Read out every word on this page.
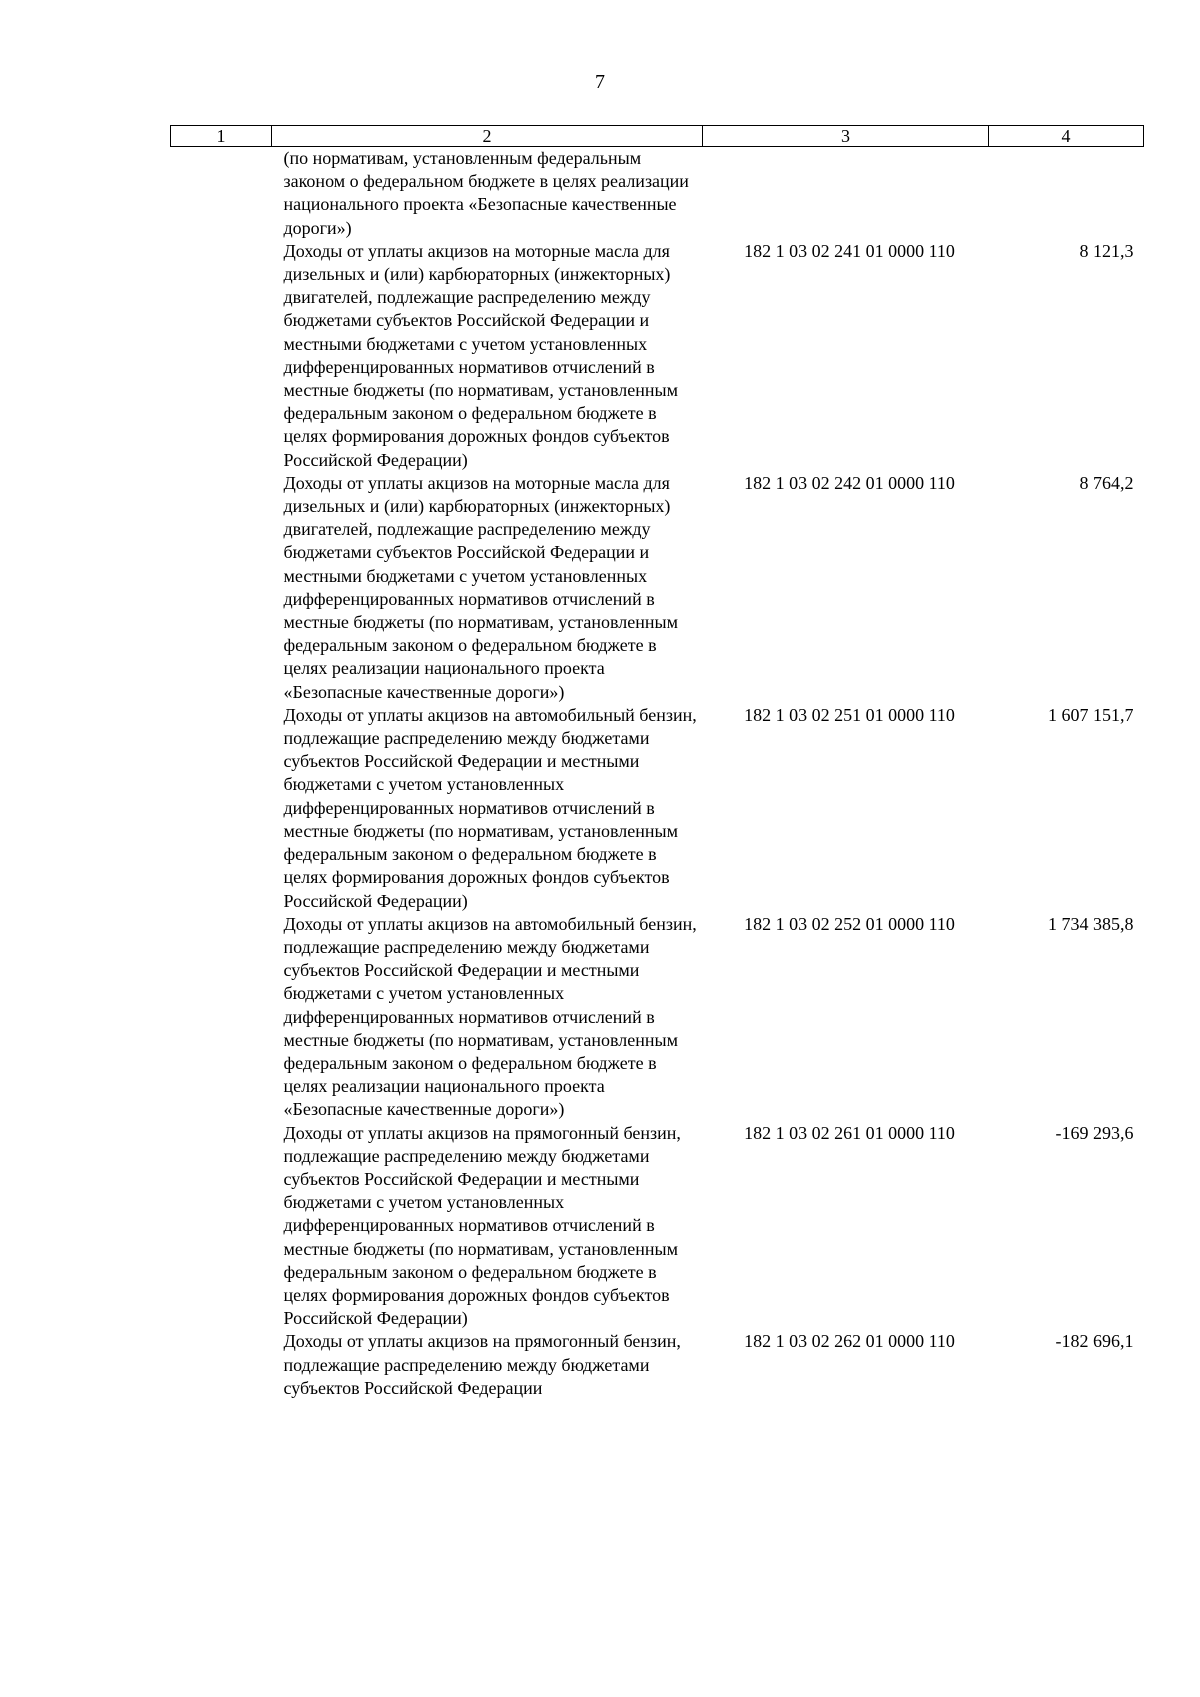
7
1	2	3	4
	(по нормативам, установленным федеральным законом о федеральном бюджете в целях реализации национального проекта «Безопасные качественные дороги»)		
	Доходы от уплаты акцизов на моторные масла для дизельных и (или) карбюраторных (инжекторных) двигателей, подлежащие распределению между бюджетами субъектов Российской Федерации и местными бюджетами с учетом установленных дифференцированных нормативов отчислений в местные бюджеты (по нормативам, установленным федеральным законом о федеральном бюджете в целях формирования дорожных фондов субъектов Российской Федерации)	182 1 03 02 241 01 0000 110	8 121,3
	Доходы от уплаты акцизов на моторные масла для дизельных и (или) карбюраторных (инжекторных) двигателей, подлежащие распределению между бюджетами субъектов Российской Федерации и местными бюджетами с учетом установленных дифференцированных нормативов отчислений в местные бюджеты (по нормативам, установленным федеральным законом о федеральном бюджете в целях реализации национального проекта «Безопасные качественные дороги»)	182 1 03 02 242 01 0000 110	8 764,2
	Доходы от уплаты акцизов на автомобильный бензин, подлежащие распределению между бюджетами субъектов Российской Федерации и местными бюджетами с учетом установленных дифференцированных нормативов отчислений в местные бюджеты (по нормативам, установленным федеральным законом о федеральном бюджете в целях формирования дорожных фондов субъектов Российской Федерации)	182 1 03 02 251 01 0000 110	1 607 151,7
	Доходы от уплаты акцизов на автомобильный бензин, подлежащие распределению между бюджетами субъектов Российской Федерации и местными бюджетами с учетом установленных дифференцированных нормативов отчислений в местные бюджеты (по нормативам, установленным федеральным законом о федеральном бюджете в целях реализации национального проекта «Безопасные качественные дороги»)	182 1 03 02 252 01 0000 110	1 734 385,8
	Доходы от уплаты акцизов на прямогонный бензин, подлежащие распределению между бюджетами субъектов Российской Федерации и местными бюджетами с учетом установленных дифференцированных нормативов отчислений в местные бюджеты (по нормативам, установленным федеральным законом о федеральном бюджете в целях формирования дорожных фондов субъектов Российской Федерации)	182 1 03 02 261 01 0000 110	-169 293,6
	Доходы от уплаты акцизов на прямогонный бензин, подлежащие распределению между бюджетами субъектов Российской Федерации	182 1 03 02 262 01 0000 110	-182 696,1
